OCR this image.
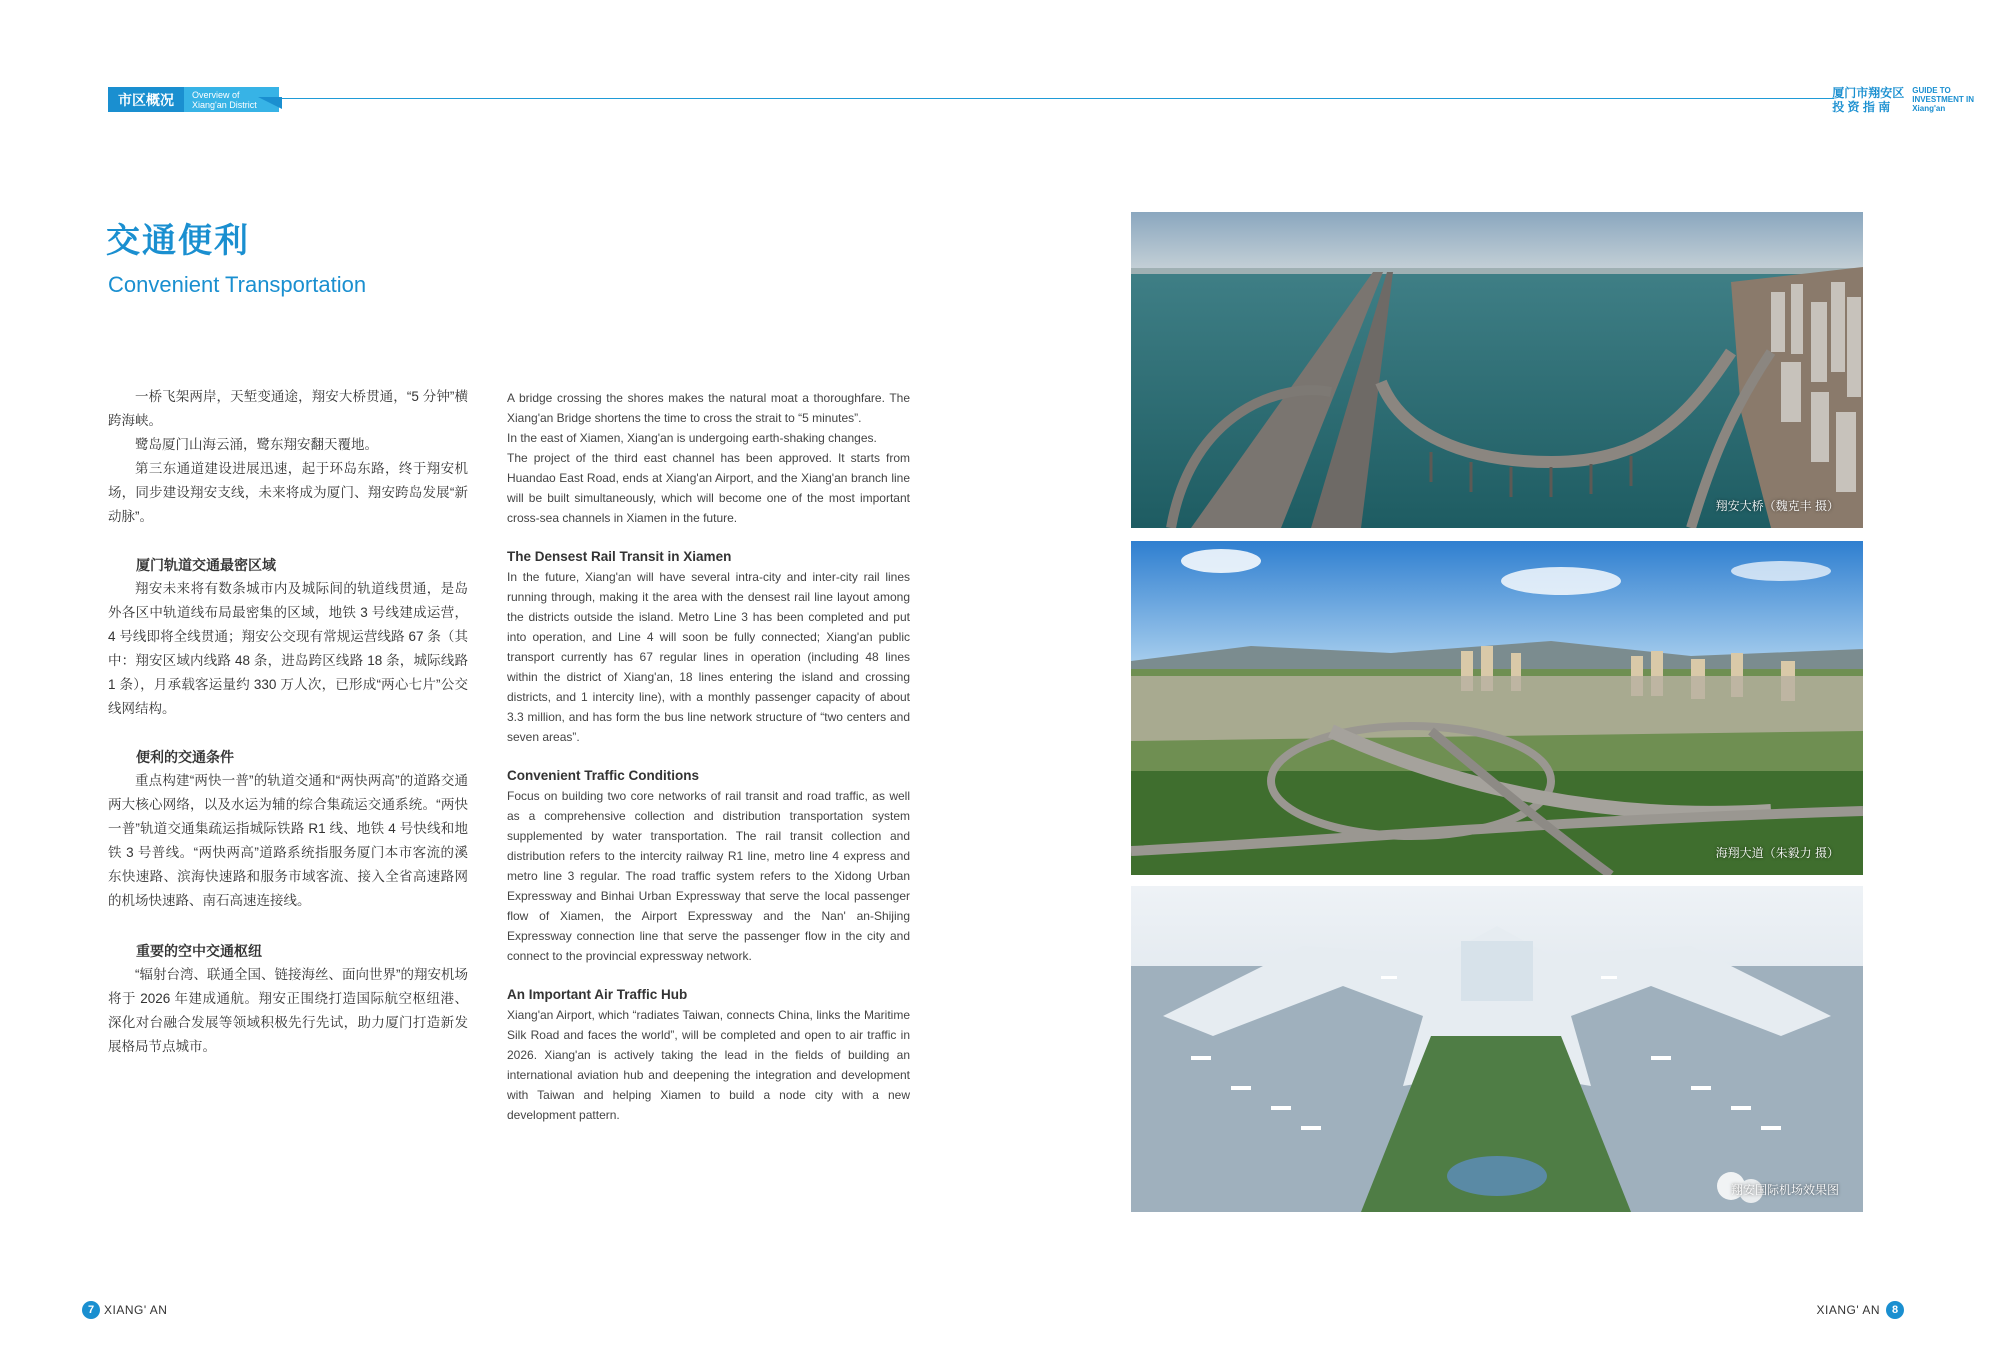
市区概况	Overview of
Xiang'an District
厦门市翔安区
投 资 指 南
GUIDE TO
INVESTMENT IN
Xiang'an
交通便利
Convenient Transportation

一桥飞架两岸，天堑变通途，翔安大桥贯通，“5 分钟”横跨海峡。

鹭岛厦门山海云涌，鹭东翔安翻天覆地。

第三东通道建设进展迅速，起于环岛东路，终于翔安机场，同步建设翔安支线，未来将成为厦门、翔安跨岛发展“新动脉”。

厦门轨道交通最密区域

翔安未来将有数条城市内及城际间的轨道线贯通，是岛外各区中轨道线布局最密集的区域，地铁 3 号线建成运营，4 号线即将全线贯通；翔安公交现有常规运营线路 67 条（其中：翔安区域内线路 48 条，进岛跨区线路 18 条，城际线路 1 条），月承载客运量约 330 万人次，已形成“两心七片”公交线网结构。

便利的交通条件

重点构建“两快一普”的轨道交通和“两快两高”的道路交通两大核心网络，以及水运为辅的综合集疏运交通系统。“两快一普”轨道交通集疏运指城际铁路 R1 线、地铁 4 号快线和地铁 3 号普线。“两快两高”道路系统指服务厦门本市客流的溪东快速路、滨海快速路和服务市域客流、接入全省高速路网的机场快速路、南石高速连接线。

重要的空中交通枢纽

“辐射台湾、联通全国、链接海丝、面向世界”的翔安机场将于 2026 年建成通航。翔安正围绕打造国际航空枢纽港、深化对台融合发展等领域积极先行先试，助力厦门打造新发展格局节点城市。

A bridge crossing the shores makes the natural moat a thoroughfare. The Xiang'an Bridge shortens the time to cross the strait to “5 minutes”.

In the east of Xiamen, Xiang'an is undergoing earth-shaking changes.

The project of the third east channel has been approved. It starts from Huandao East Road, ends at Xiang'an Airport, and the Xiang'an branch line will be built simultaneously, which will become one of the most important cross-sea channels in Xiamen in the future.

The Densest Rail Transit in Xiamen

In the future, Xiang'an will have several intra-city and inter-city rail lines running through, making it the area with the densest rail line layout among the districts outside the island. Metro Line 3 has been completed and put into operation, and Line 4 will soon be fully connected; Xiang'an public transport currently has 67 regular lines in operation (including 48 lines within the district of Xiang'an, 18 lines entering the island and crossing districts, and 1 intercity line), with a monthly passenger capacity of about 3.3 million, and has form the bus line network structure of “two centers and seven areas”.

Convenient Traffic Conditions

Focus on building two core networks of rail transit and road traffic, as well as a comprehensive collection and distribution transportation system supplemented by water transportation. The rail transit collection and distribution refers to the intercity railway R1 line, metro line 4 express and metro line 3 regular. The road traffic system refers to the Xidong Urban Expressway and Binhai Urban Expressway that serve the local passenger flow of Xiamen, the Airport Expressway and the Nan' an-Shijing Expressway connection line that serve the passenger flow in the city and connect to the provincial expressway network.

An Important Air Traffic Hub

Xiang'an Airport, which “radiates Taiwan, connects China, links the Maritime Silk Road and faces the world”, will be completed and open to air traffic in 2026. Xiang'an is actively taking the lead in the fields of building an international aviation hub and deepening the integration and development with Taiwan and helping Xiamen to build a node city with a new development pattern.

翔安大桥（魏克丰 摄）
海翔大道（朱毅力 摄）
翔安国际机场效果图
7 XIANG' AN	XIANG' AN	8
